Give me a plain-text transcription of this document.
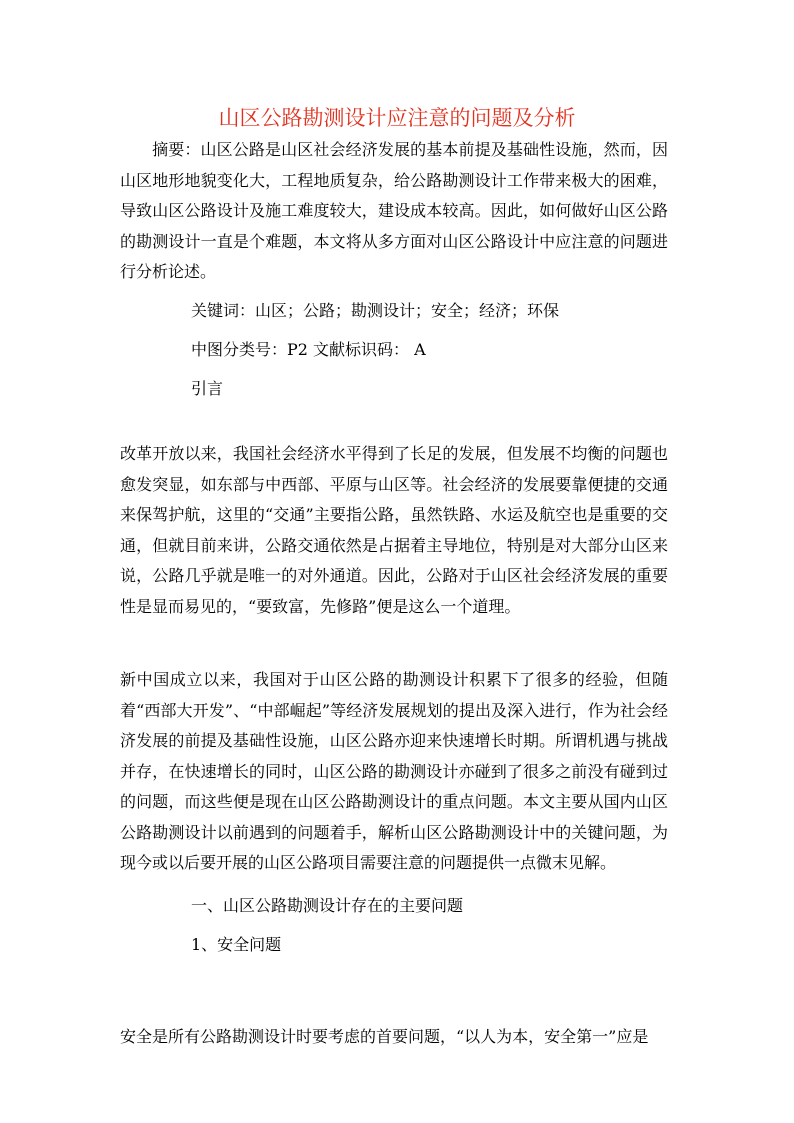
山区公路勘测设计应注意的问题及分析
摘要：山区公路是山区社会经济发展的基本前提及基础性设施，然而，因山区地形地貌变化大，工程地质复杂，给公路勘测设计工作带来极大的困难，导致山区公路设计及施工难度较大，建设成本较高。因此，如何做好山区公路的勘测设计一直是个难题，本文将从多方面对山区公路设计中应注意的问题进行分析论述。
关键词：山区；公路；勘测设计；安全；经济；环保
中图分类号：P2 文献标识码： A
引言
改革开放以来，我国社会经济水平得到了长足的发展，但发展不均衡的问题也愈发突显，如东部与中西部、平原与山区等。社会经济的发展要靠便捷的交通来保驾护航，这里的“交通”主要指公路，虽然铁路、水运及航空也是重要的交通，但就目前来讲，公路交通依然是占据着主导地位，特别是对大部分山区来说，公路几乎就是唯一的对外通道。因此，公路对于山区社会经济发展的重要性是显而易见的，“要致富，先修路”便是这么一个道理。
新中国成立以来，我国对于山区公路的勘测设计积累下了很多的经验，但随着“西部大开发”、“中部崛起”等经济发展规划的提出及深入进行，作为社会经济发展的前提及基础性设施，山区公路亦迎来快速增长时期。所谓机遇与挑战并存，在快速增长的同时，山区公路的勘测设计亦碰到了很多之前没有碰到过的问题，而这些便是现在山区公路勘测设计的重点问题。本文主要从国内山区公路勘测设计以前遇到的问题着手，解析山区公路勘测设计中的关键问题，为现今或以后要开展的山区公路项目需要注意的问题提供一点微末见解。
一、山区公路勘测设计存在的主要问题
1、安全问题
安全是所有公路勘测设计时要考虑的首要问题，“以人为本，安全第一”应是
